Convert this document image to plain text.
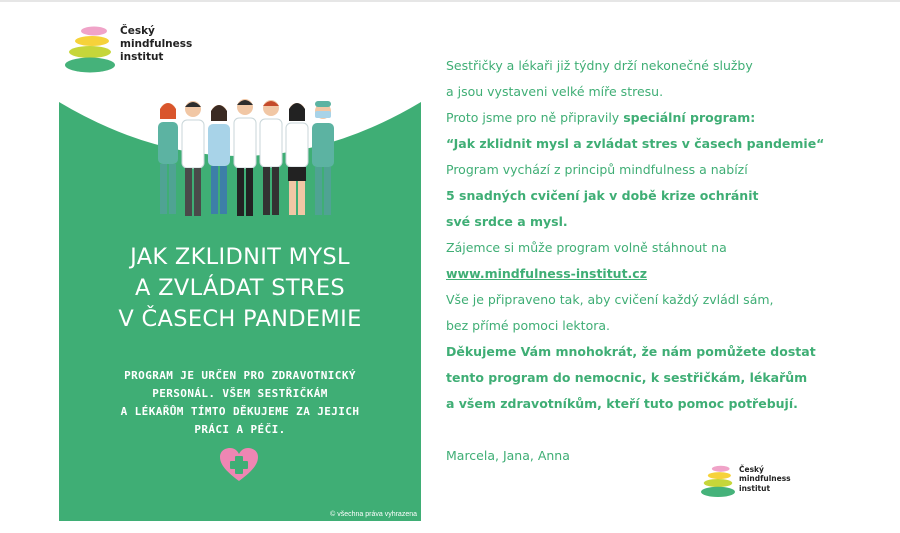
Český
mindfulness
institut
JAK ZKLIDNIT MYSL
A ZVLÁDAT STRES
V ČASECH PANDEMIE
PROGRAM JE URČEN PRO ZDRAVOTNICKÝ
PERSONÁL. VŠEM SESTŘIČKÁM
A LÉKAŘŮM TÍMTO DĚKUJEME ZA JEJICH
PRÁCI A PÉČI.
© všechna práva vyhrazena
Sestřičky a lékaři již týdny drží nekonečné služby
a jsou vystaveni velké míře stresu.
Proto jsme pro ně připravily speciální program:
“Jak zklidnit mysl a zvládat stres v časech pandemie“
Program vychází z principů mindfulness a nabízí
5 snadných cvičení jak v době krize ochránit
své srdce a mysl.
Zájemce si může program volně stáhnout na
www.mindfulness-institut.cz
Vše je připraveno tak, aby cvičení každý zvládl sám,
bez přímé pomoci lektora.
Děkujeme Vám mnohokrát, že nám pomůžete dostat
tento program do nemocnic, k sestřičkám, lékařům
a všem zdravotníkům, kteří tuto pomoc potřebují.
Marcela, Jana, Anna
Český
mindfulness
institut
